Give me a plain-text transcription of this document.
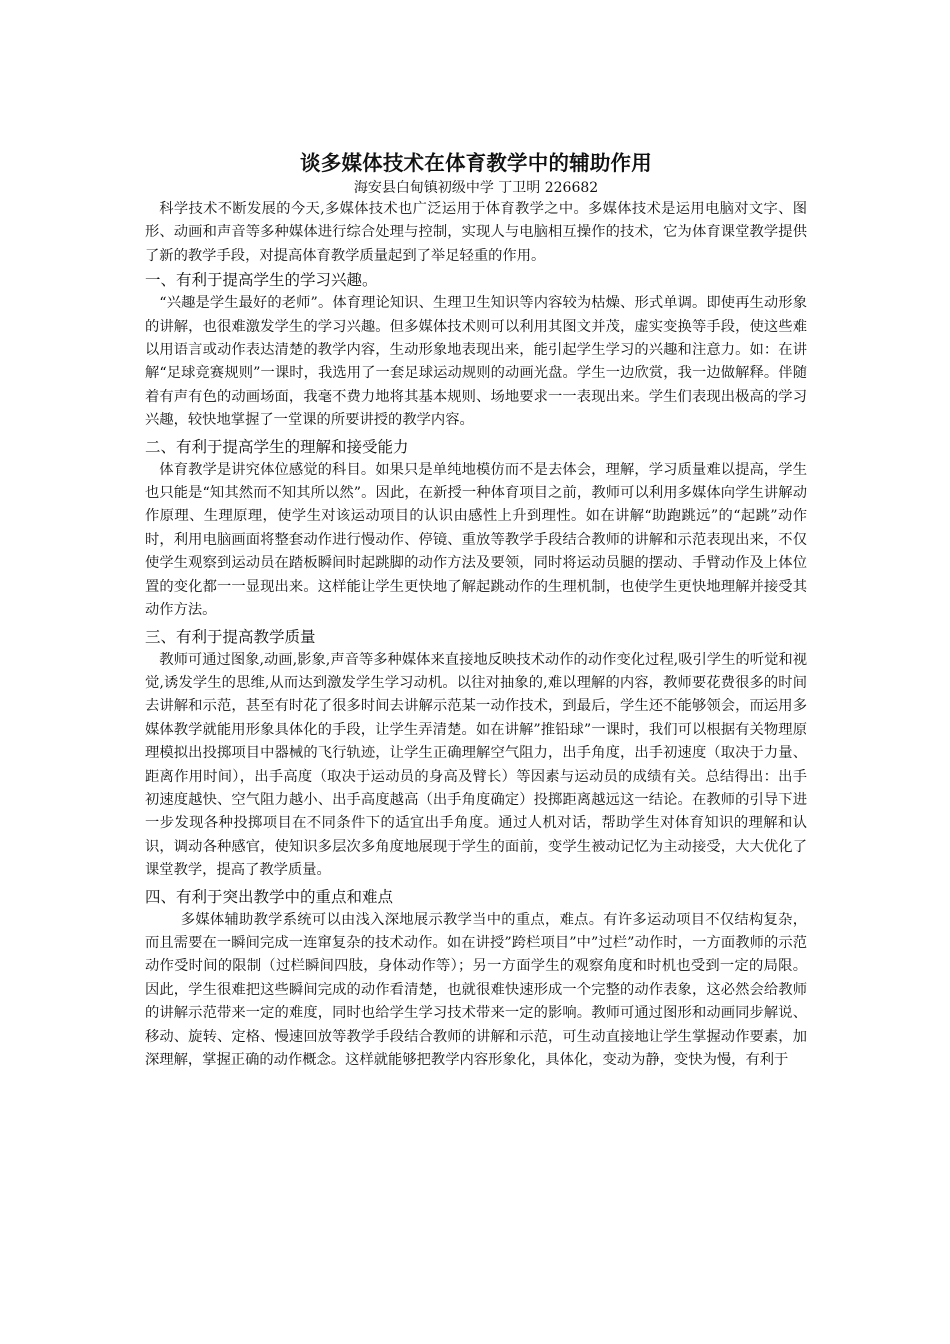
谈多媒体技术在体育教学中的辅助作用
海安县白甸镇初级中学 丁卫明 226682

科学技术不断发展的今天,多媒体技术也广泛运用于体育教学之中。多媒体技术是运用电脑对文字、图形、动画和声音等多种媒体进行综合处理与控制，实现人与电脑相互操作的技术，它为体育课堂教学提供了新的教学手段，对提高体育教学质量起到了举足轻重的作用。

一、有利于提高学生的学习兴趣。

“兴趣是学生最好的老师”。体育理论知识、生理卫生知识等内容较为枯燥、形式单调。即使再生动形象的讲解，也很难激发学生的学习兴趣。但多媒体技术则可以利用其图文并茂，虚实变换等手段，使这些难以用语言或动作表达清楚的教学内容，生动形象地表现出来，能引起学生学习的兴趣和注意力。如：在讲解“足球竞赛规则”一课时，我选用了一套足球运动规则的动画光盘。学生一边欣赏，我一边做解释。伴随着有声有色的动画场面，我毫不费力地将其基本规则、场地要求一一表现出来。学生们表现出极高的学习兴趣，较快地掌握了一堂课的所要讲授的教学内容。

二、有利于提高学生的理解和接受能力

体育教学是讲究体位感觉的科目。如果只是单纯地模仿而不是去体会，理解，学习质量难以提高，学生也只能是“知其然而不知其所以然”。因此，在新授一种体育项目之前，教师可以利用多媒体向学生讲解动作原理、生理原理，使学生对该运动项目的认识由感性上升到理性。如在讲解“助跑跳远”的“起跳”动作时，利用电脑画面将整套动作进行慢动作、停镜、重放等教学手段结合教师的讲解和示范表现出来，不仅使学生观察到运动员在踏板瞬间时起跳脚的动作方法及要领，同时将运动员腿的摆动、手臂动作及上体位置的变化都一一显现出来。这样能让学生更快地了解起跳动作的生理机制，也使学生更快地理解并接受其动作方法。

三、有利于提高教学质量

教师可通过图象,动画,影象,声音等多种媒体来直接地反映技术动作的动作变化过程,吸引学生的听觉和视觉,诱发学生的思维,从而达到激发学生学习动机。以往对抽象的,难以理解的内容，教师要花费很多的时间去讲解和示范，甚至有时花了很多时间去讲解示范某一动作技术，到最后，学生还不能够领会，而运用多媒体教学就能用形象具体化的手段，让学生弄清楚。如在讲解”推铅球”一课时，我们可以根据有关物理原理模拟出投掷项目中器械的飞行轨迹，让学生正确理解空气阻力，出手角度，出手初速度（取决于力量、距离作用时间），出手高度（取决于运动员的身高及臂长）等因素与运动员的成绩有关。总结得出：出手初速度越快、空气阻力越小、出手高度越高（出手角度确定）投掷距离越远这一结论。在教师的引导下进一步发现各种投掷项目在不同条件下的适宜出手角度。通过人机对话，帮助学生对体育知识的理解和认识，调动各种感官，使知识多层次多角度地展现于学生的面前，变学生被动记忆为主动接受，大大优化了课堂教学，提高了教学质量。

四、有利于突出教学中的重点和难点

多媒体辅助教学系统可以由浅入深地展示教学当中的重点，难点。有许多运动项目不仅结构复杂，而且需要在一瞬间完成一连窜复杂的技术动作。如在讲授”跨栏项目”中”过栏”动作时，一方面教师的示范动作受时间的限制（过栏瞬间四肢，身体动作等）；另一方面学生的观察角度和时机也受到一定的局限。因此，学生很难把这些瞬间完成的动作看清楚，也就很难快速形成一个完整的动作表象，这必然会给教师的讲解示范带来一定的难度，同时也给学生学习技术带来一定的影响。教师可通过图形和动画同步解说、移动、旋转、定格、慢速回放等教学手段结合教师的讲解和示范，可生动直接地让学生掌握动作要素，加深理解，掌握正确的动作概念。这样就能够把教学内容形象化，具体化，变动为静，变快为慢，有利于
